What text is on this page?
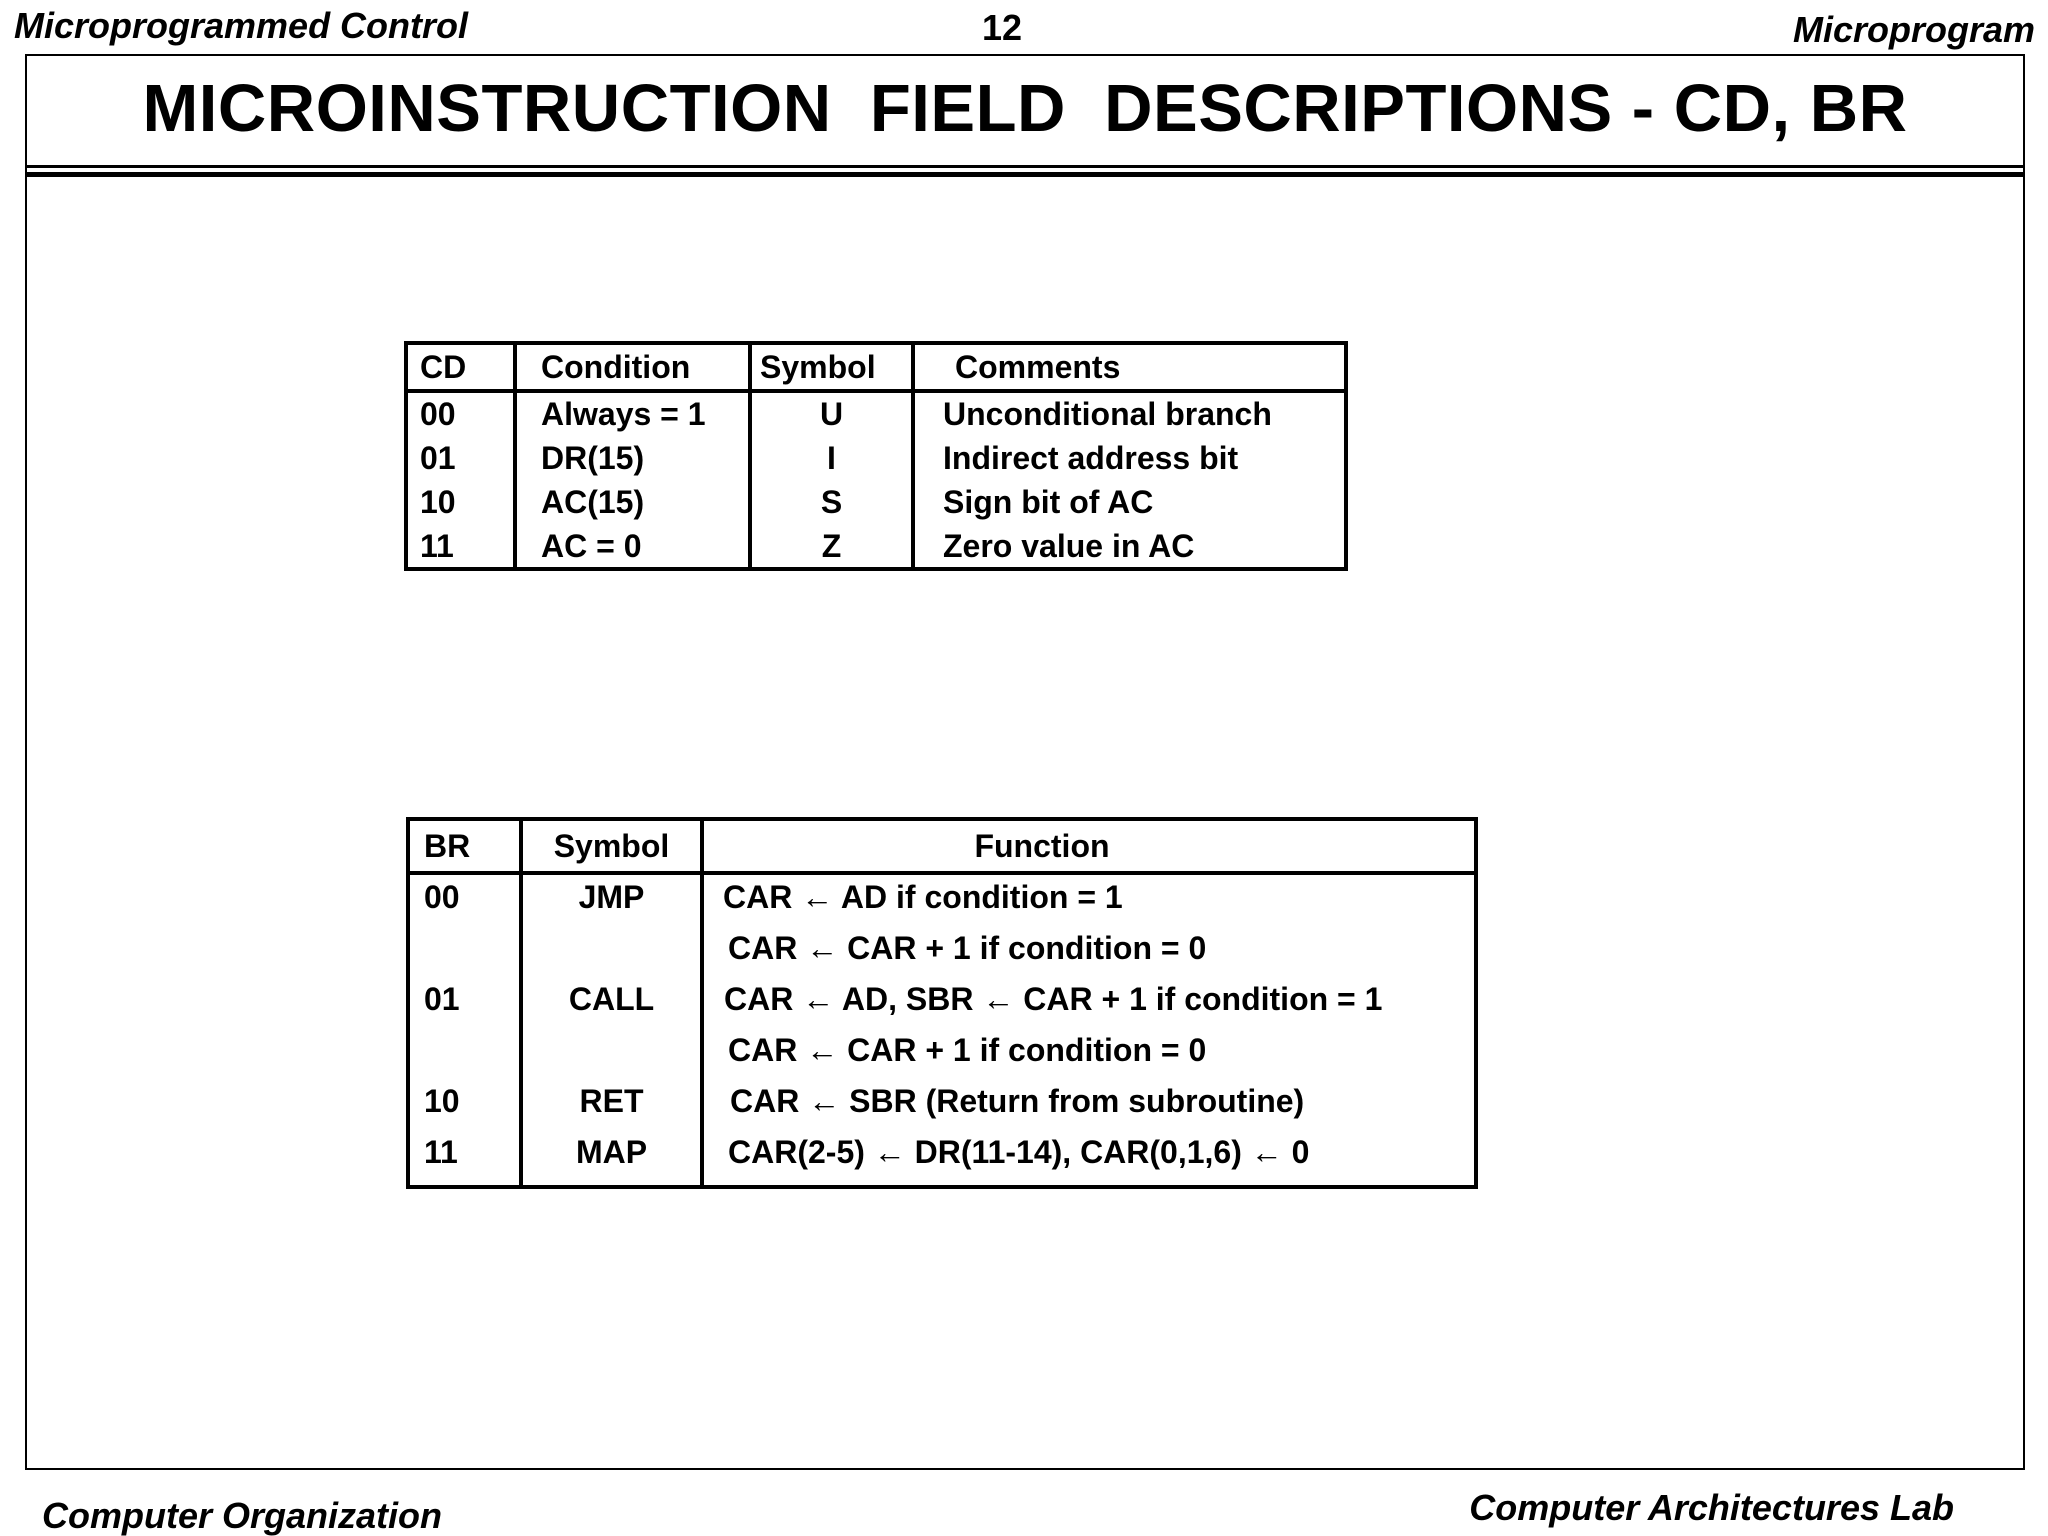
Microprogrammed Control	12	Microprogram
MICROINSTRUCTION  FIELD  DESCRIPTIONS - CD, BR
CD Condition Symbol Comments
00	Always = 1	U	Unconditional branch
01	DR(15)	I	Indirect address bit
10	AC(15)	S	Sign bit of AC
11	AC = 0	Z	Zero value in AC
BR	Symbol	Function
00	JMP	CAR ← AD if condition = 1
CAR ← CAR + 1 if condition = 0
01	CALL	CAR ← AD, SBR ← CAR + 1 if condition = 1
CAR ← CAR + 1 if condition = 0
10	RET	CAR ← SBR (Return from subroutine)
11	MAP	CAR(2-5) ← DR(11-14), CAR(0,1,6) ← 0
Computer Organization	Computer Architectures Lab
